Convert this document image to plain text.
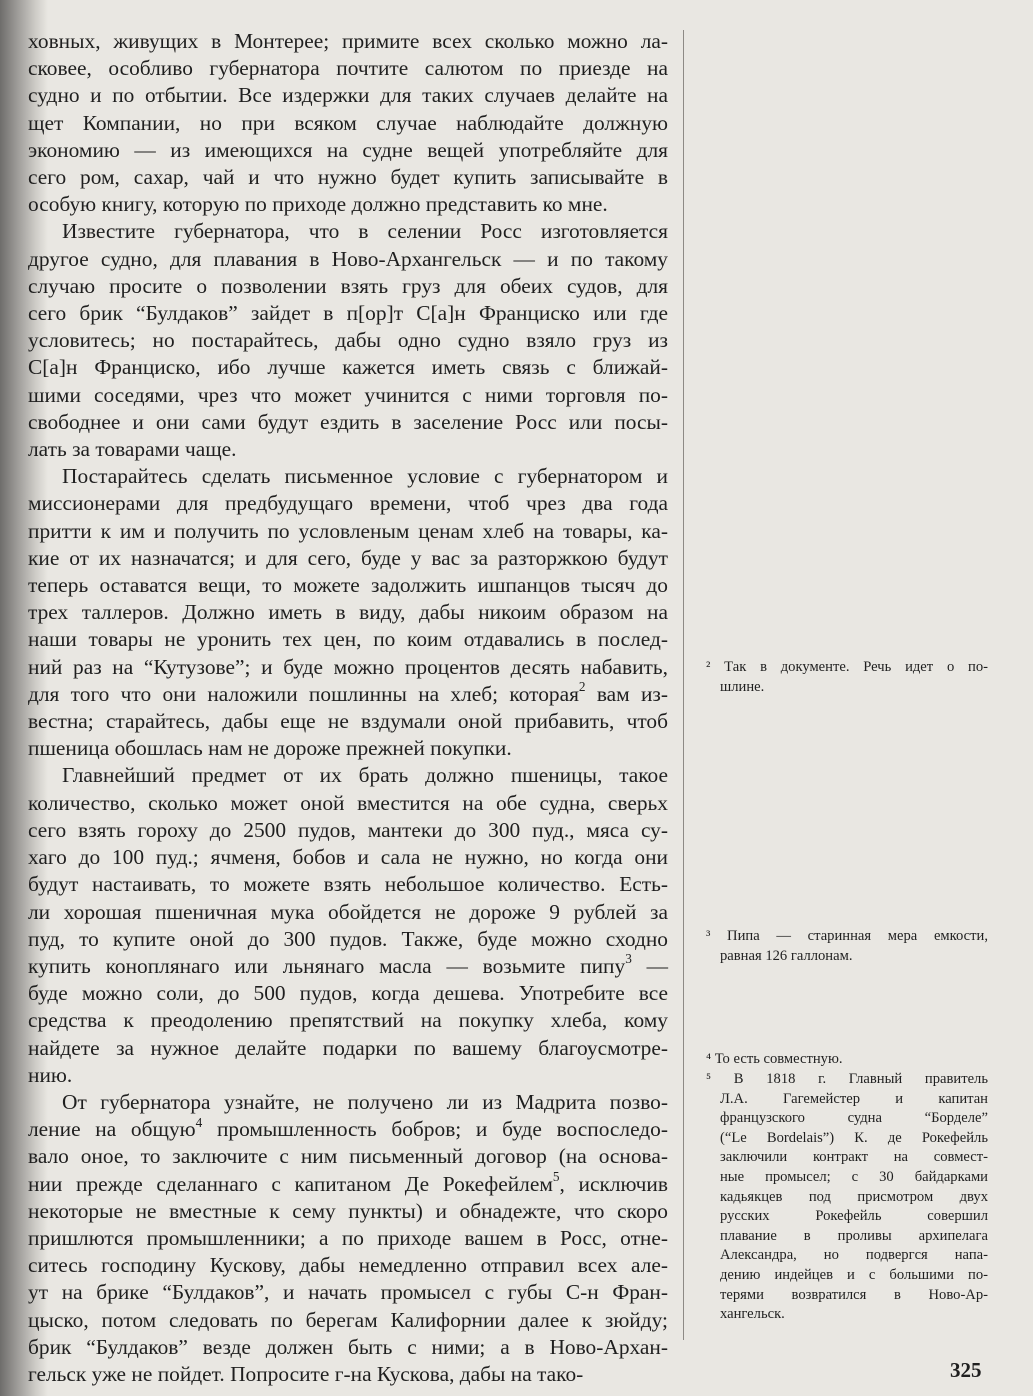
ховных, живущих в Монтерее; примите всех сколько можно ла-
сковее, особливо губернатора почтите салютом по приезде на
судно и по отбытии. Все издержки для таких случаев делайте на
щет Компании, но при всяком случае наблюдайте должную
экономию — из имеющихся на судне вещей употребляйте для
сего ром, сахар, чай и что нужно будет купить записывайте в
особую книгу, которую по приходе должно представить ко мне.

Известите губернатора, что в селении Росс изготовляется
другое судно, для плавания в Ново-Архангельск — и по такому
случаю просите о позволении взять груз для обеих судов, для
сего брик “Булдаков” зайдет в п[ор]т С[а]н Франциско или где
условитесь; но постарайтесь, дабы одно судно взяло груз из
С[а]н Франциско, ибо лучше кажется иметь связь с ближай-
шими соседями, чрез что может учинится с ними торговля по-
свободнее и они сами будут ездить в заселение Росс или посы-
лать за товарами чаще.

Постарайтесь сделать письменное условие с губернатором и
миссионерами для предбудущаго времени, чтоб чрез два года
притти к им и получить по условленым ценам хлеб на товары, ка-
кие от их назначатся; и для сего, буде у вас за разторжкою будут
теперь оставатся вещи, то можете задолжить ишпанцов тысяч до
трех таллеров. Должно иметь в виду, дабы никоим образом на
наши товары не уронить тех цен, по коим отдавались в послед-
ний раз на “Кутузове”; и буде можно процентов десять набавить,
для того что они наложили пошлинны на хлеб; которая$^2$ вам из-
вестна; старайтесь, дабы еще не вздумали оной прибавить, чтоб
пшеница обошлась нам не дороже прежней покупки.

Главнейший предмет от их брать должно пшеницы, такое
количество, сколько может оной вместится на обе судна, сверьх
сего взять гороху до 2500 пудов, мантеки до 300 пуд., мяса су-
хаго до 100 пуд.; ячменя, бобов и сала не нужно, но когда они
будут настаивать, то можете взять небольшое количество. Есть-
ли хорошая пшеничная мука обойдется не дороже 9 рублей за
пуд, то купите оной до 300 пудов. Также, буде можно сходно
купить коноплянаго или льнянаго масла — возьмите пипу$^3$ —
буде можно соли, до 500 пудов, когда дешева. Употребите все
средства к преодолению препятствий на покупку хлеба, кому
найдете за нужное делайте подарки по вашему благоусмотре-
нию.

От губернатора узнайте, не получено ли из Мадрита позво-
ление на общую$^4$ промышленность бобров; и буде воспоследо-
вало оное, то заключите с ним письменный договор (на основа-
нии прежде сделаннаго с капитаном Де Рокефейлем$^5$, исключив
некоторые не вместные к сему пункты) и обнадежте, что скоро
пришлются промышленники; а по приходе вашем в Росс, отне-
ситесь господину Кускову, дабы немедленно отправил всех але-
ут на брике “Булдаков”, и начать промысел с губы С-н Фран-
цыско, потом следовать по берегам Калифорнии далее к зюйду;
брик “Булдаков” везде должен быть с ними; а в Ново-Архан-
гельск уже не пойдет. Попросите г-на Кускова, дабы на тако-

² Так в документе. Речь идет о по-
шлине.
³ Пипа — старинная мера емкости,
равная 126 галлонам.
⁴ То есть совместную.
⁵ В 1818 г. Главный правитель
Л.А. Гагемейстер и капитан
французского судна “Борделе”
(“Le Bordelais”) К. де Рокефейль
заключили контракт на совмест-
ные промысел; с 30 байдарками
кадьякцев под присмотром двух
русских Рокефейль совершил
плавание в проливы архипелага
Александра, но подвергся напа-
дению индейцев и с большими по-
терями возвратился в Ново-Ар-
хангельск.
325
